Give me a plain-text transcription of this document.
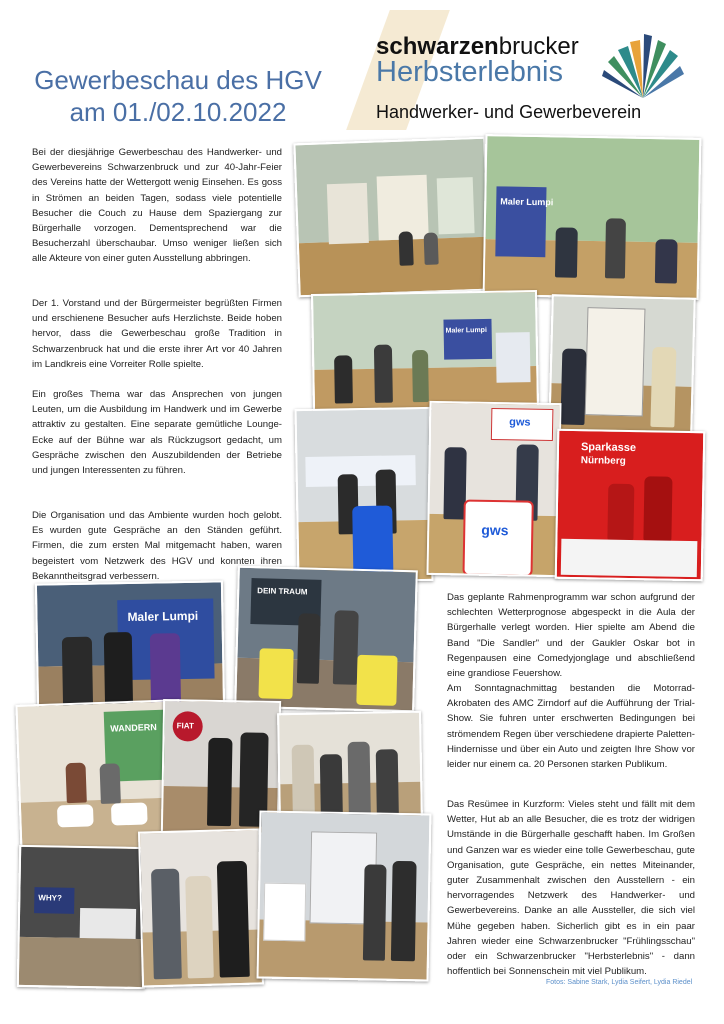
Gewerbeschau des HGV
am 01./02.10.2022
schwarzenbrucker
Herbsterlebnis
Handwerker- und Gewerbeverein
Bei der diesjährige Gewerbeschau des Handwerker- und Gewerbevereins Schwarzenbruck und zur 40-Jahr-Feier des Vereins hatte der Wettergott wenig Einsehen. Es goss in Strömen an beiden Tagen, sodass viele potentielle Besucher die Couch zu Hause dem Spaziergang zur Bürgerhalle vorzogen. Dementsprechend war die Besucherzahl überschaubar. Umso weniger ließen sich alle Akteure von einer guten Ausstellung abbringen.
Der 1. Vorstand und der Bürgermeister begrüßten Firmen und erschienene Besucher aufs Herzlichste. Beide hoben hervor, dass die Gewerbeschau große Tradition in Schwarzenbruck hat und die erste ihrer Art vor 40 Jahren im Landkreis eine Vorreiter Rolle spielte.
Ein großes Thema war das Ansprechen von jungen Leuten, um die Ausbildung im Handwerk und im Gewerbe attraktiv zu gestalten. Eine separate gemütliche Lounge-Ecke auf der Bühne war als Rückzugsort gedacht, um Gespräche zwischen den Auszubildenden der Betriebe und jungen Interessenten zu führen.
Die Organisation und das Ambiente wurden hoch gelobt. Es wurden gute Gespräche an den Ständen geführt. Firmen, die zum ersten Mal mitgemacht haben, waren begeistert vom Netzwerk des HGV und konnten ihren Bekanntheitsgrad verbessern.
Das geplante Rahmenprogramm war schon aufgrund der schlechten Wetterprognose abgespeckt in die Aula der Bürgerhalle verlegt worden. Hier spielte am Abend die Band "Die Sandler" und der Gaukler Oskar bot in Regenpausen eine Comedyjonglage und abschließend eine grandiose Feuershow.
Am Sonntagnachmittag bestanden die Motorrad-Akrobaten des AMC Zirndorf auf die Aufführung der Trial-Show. Sie fuhren unter erschwerten Bedingungen bei strömendem Regen über verschiedene drapierte Paletten-Hindernisse und über ein Auto und zeigten Ihre Show vor leider nur einem ca. 20 Personen starken Publikum.
Das Resümee in Kurzform: Vieles steht und fällt mit dem Wetter, Hut ab an alle Besucher, die es trotz der widrigen Umstände in die Bürgerhalle geschafft haben. Im Großen und Ganzen war es wieder eine tolle Gewerbeschau, gute Organisation, gute Gespräche, ein nettes Miteinander, guter Zusammenhalt zwischen den Ausstellern - ein hervorragendes Netzwerk des Handwerker- und Gewerbevereins. Danke an alle Aussteller, die sich viel Mühe gegeben haben. Sicherlich gibt es in ein paar Jahren wieder eine Schwarzenbrucker "Frühlingsschau" oder ein Schwarzenbrucker "Herbsterlebnis" - dann hoffentlich bei Sonnenschein mit viel Publikum.
Fotos: Sabine Stark, Lydia Seifert, Lydia Riedel
Maler Lumpi
Maler Lumpi
gws
gws
Sparkasse
Nürnberg
Maler Lumpi
DEIN TRAUM
WANDERN FIAT
WHY?
